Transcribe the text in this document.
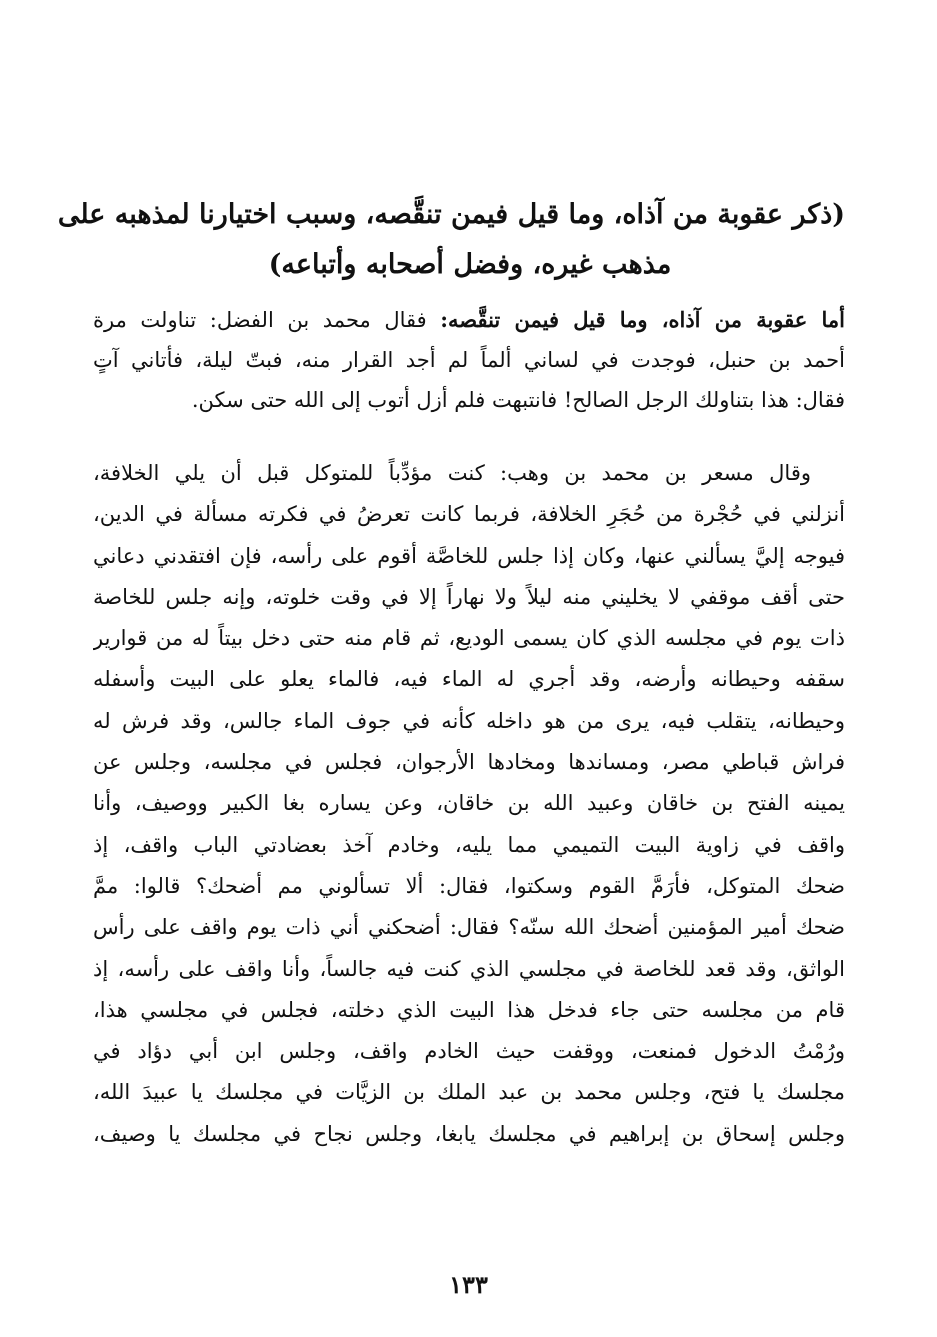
(ذكر عقوبة من آذاه، وما قيل فيمن تنقَّصه، وسبب اختيارنا لمذهبه على
مذهب غيره، وفضل أصحابه وأتباعه)
أما عقوبة من آذاه، وما قيل فيمن تنقَّصه: فقال محمد بن الفضل: تناولت مرة
أحمد بن حنبل، فوجدت في لساني ألماً لم أجد القرار منه، فبتّ ليلة، فأتاني آتٍ
فقال: هذا بتناولك الرجل الصالح! فانتبهت فلم أزل أتوب إلى الله حتى سكن.
وقال مسعر بن محمد بن وهب: كنت مؤدِّباً للمتوكل قبل أن يلي الخلافة،
أنزلني في حُجْرة من حُجَرِ الخلافة، فربما كانت تعرضُ في فكرته مسألة في الدين،
فيوجه إليَّ يسألني عنها، وكان إذا جلس للخاصَّة أقوم على رأسه، فإن افتقدني دعاني
حتى أقف موقفي لا يخليني منه ليلاً ولا نهاراً إلا في وقت خلوته، وإنه جلس للخاصة
ذات يوم في مجلسه الذي كان يسمى الوديع، ثم قام منه حتى دخل بيتاً له من قوارير
سقفه وحيطانه وأرضه، وقد أجري له الماء فيه، فالماء يعلو على البيت وأسفله
وحيطانه، يتقلب فيه، يرى من هو داخله كأنه في جوف الماء جالس، وقد فرش له
فراش قباطي مصر، ومساندها ومخادها الأرجوان، فجلس في مجلسه، وجلس عن
يمينه الفتح بن خاقان وعبيد الله بن خاقان، وعن يساره بغا الكبير ووصيف، وأنا
واقف في زاوية البيت التميمي مما يليه، وخادم آخذ بعضادتي الباب واقف، إذ
ضحك المتوكل، فأرَمَّ القوم وسكتوا، فقال: ألا تسألوني مم أضحك؟ قالوا: ممَّ
ضحك أمير المؤمنين أضحك الله سنّه؟ فقال: أضحكني أني ذات يوم واقف على رأس
الواثق، وقد قعد للخاصة في مجلسي الذي كنت فيه جالساً، وأنا واقف على رأسه، إذ
قام من مجلسه حتى جاء فدخل هذا البيت الذي دخلته، فجلس في مجلسي هذا،
ورُمْتُ الدخول فمنعت، ووقفت حيث الخادم واقف، وجلس ابن أبي دؤاد في
مجلسك يا فتح، وجلس محمد بن عبد الملك بن الزيَّات في مجلسك يا عبيدَ الله،
وجلس إسحاق بن إبراهيم في مجلسك يابغا، وجلس نجاح في مجلسك يا وصيف،
١٣٣
